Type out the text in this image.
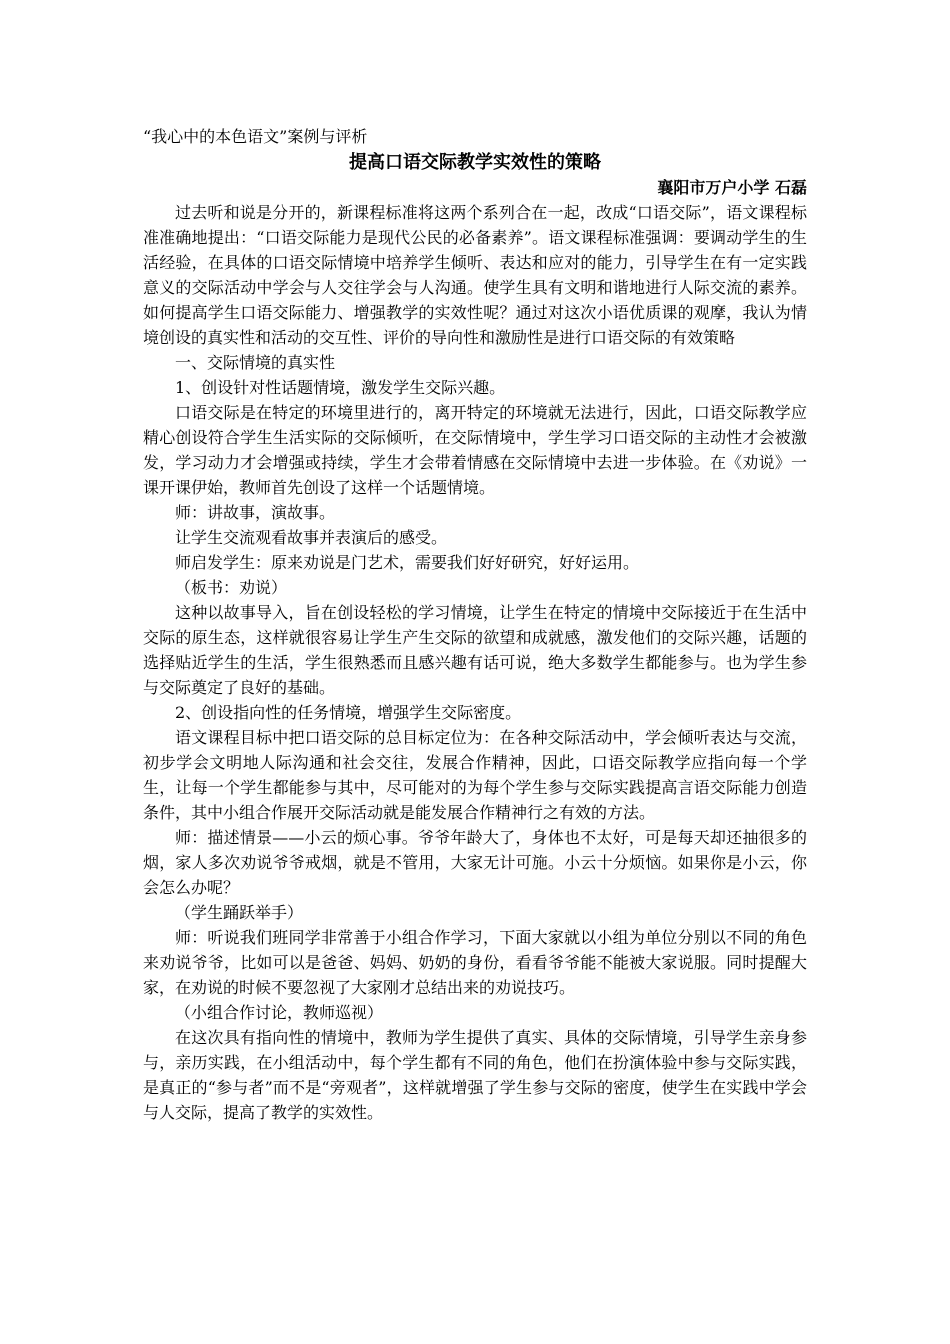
“我心中的本色语文”案例与评析

提高口语交际教学实效性的策略

襄阳市万户小学 石磊

过去听和说是分开的，新课程标准将这两个系列合在一起，改成“口语交际”，语文课程标准准确地提出：“口语交际能力是现代公民的必备素养”。语文课程标准强调：要调动学生的生活经验，在具体的口语交际情境中培养学生倾听、表达和应对的能力，引导学生在有一定实践意义的交际活动中学会与人交往学会与人沟通。使学生具有文明和谐地进行人际交流的素养。如何提高学生口语交际能力、增强教学的实效性呢？通过对这次小语优质课的观摩，我认为情境创设的真实性和活动的交互性、评价的导向性和激励性是进行口语交际的有效策略

一、交际情境的真实性

1、创设针对性话题情境，激发学生交际兴趣。

口语交际是在特定的环境里进行的，离开特定的环境就无法进行，因此，口语交际教学应精心创设符合学生生活实际的交际倾听，在交际情境中，学生学习口语交际的主动性才会被激发，学习动力才会增强或持续，学生才会带着情感在交际情境中去进一步体验。在《劝说》一课开课伊始，教师首先创设了这样一个话题情境。

师：讲故事，演故事。

让学生交流观看故事并表演后的感受。

师启发学生：原来劝说是门艺术，需要我们好好研究，好好运用。

（板书：劝说）

这种以故事导入，旨在创设轻松的学习情境，让学生在特定的情境中交际接近于在生活中交际的原生态，这样就很容易让学生产生交际的欲望和成就感，激发他们的交际兴趣，话题的选择贴近学生的生活，学生很熟悉而且感兴趣有话可说，绝大多数学生都能参与。也为学生参与交际奠定了良好的基础。

2、创设指向性的任务情境，增强学生交际密度。

语文课程目标中把口语交际的总目标定位为：在各种交际活动中，学会倾听表达与交流，初步学会文明地人际沟通和社会交往，发展合作精神，因此，口语交际教学应指向每一个学生，让每一个学生都能参与其中，尽可能对的为每个学生参与交际实践提高言语交际能力创造条件，其中小组合作展开交际活动就是能发展合作精神行之有效的方法。

师：描述情景——小云的烦心事。爷爷年龄大了，身体也不太好，可是每天却还抽很多的烟，家人多次劝说爷爷戒烟，就是不管用，大家无计可施。小云十分烦恼。如果你是小云，你会怎么办呢？

（学生踊跃举手）

师：听说我们班同学非常善于小组合作学习，下面大家就以小组为单位分别以不同的角色来劝说爷爷，比如可以是爸爸、妈妈、奶奶的身份，看看爷爷能不能被大家说服。同时提醒大家，在劝说的时候不要忽视了大家刚才总结出来的劝说技巧。

（小组合作讨论，教师巡视）

在这次具有指向性的情境中，教师为学生提供了真实、具体的交际情境，引导学生亲身参与，亲历实践，在小组活动中，每个学生都有不同的角色，他们在扮演体验中参与交际实践，是真正的“参与者”而不是“旁观者”，这样就增强了学生参与交际的密度，使学生在实践中学会与人交际，提高了教学的实效性。
